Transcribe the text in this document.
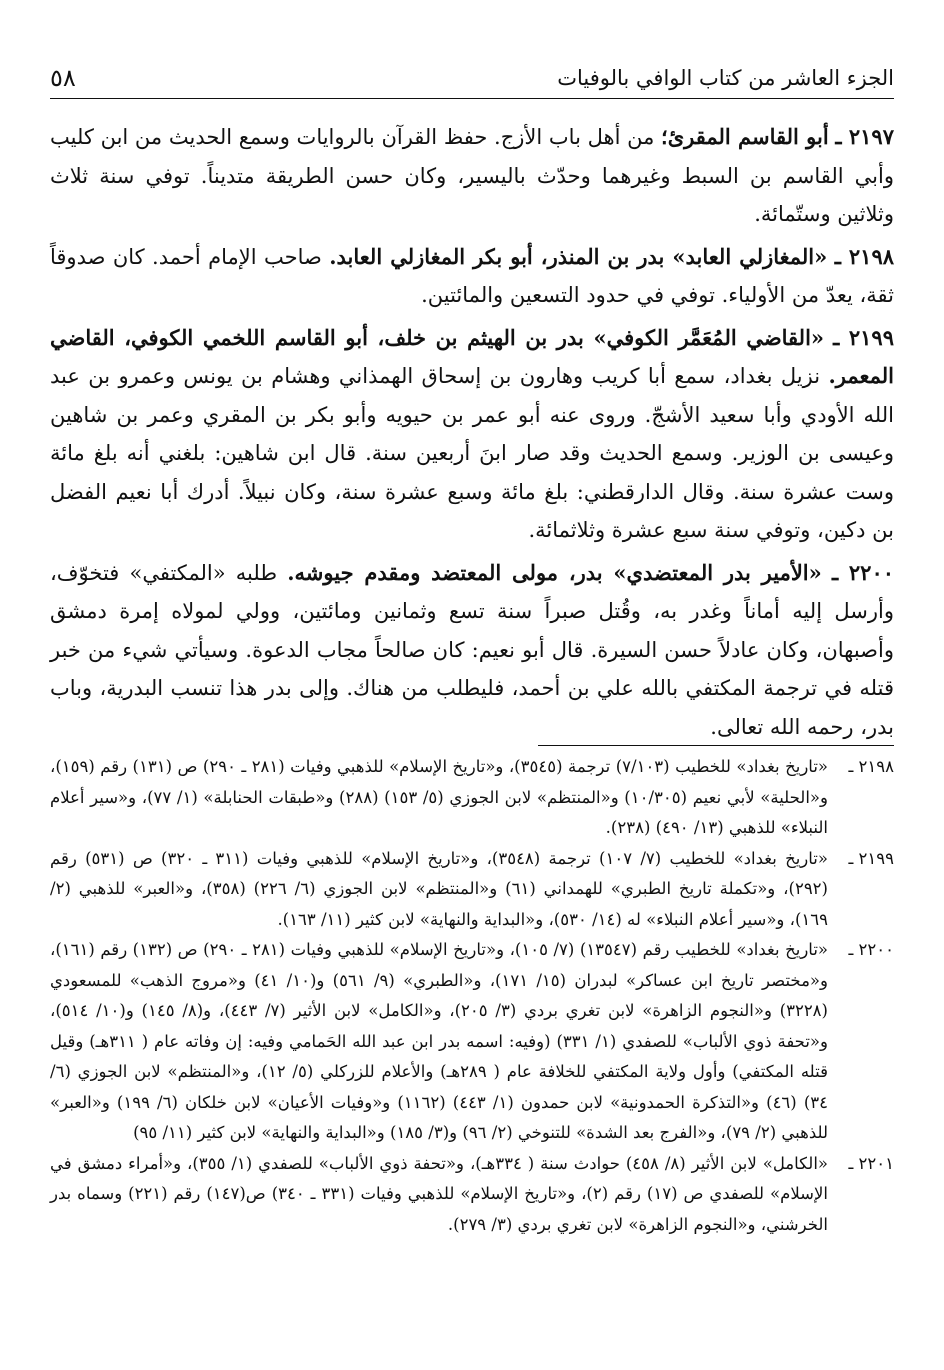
الجزء العاشر من كتاب الوافي بالوفيات
٥٨

٢١٩٧ ـ أبو القاسم المقرئ؛ من أهل باب الأزج. حفظ القرآن بالروايات وسمع الحديث من ابن كليب وأبي القاسم بن السبط وغيرهما وحدّث باليسير، وكان حسن الطريقة متديناً. توفي سنة ثلاث وثلاثين وستّمائة.

٢١٩٨ ـ «المغازلي العابد» بدر بن المنذر، أبو بكر المغازلي العابد. صاحب الإمام أحمد. كان صدوقاً ثقة، يعدّ من الأولياء. توفي في حدود التسعين والمائتين.

٢١٩٩ ـ «القاضي المُعَمَّر الكوفي» بدر بن الهيثم بن خلف، أبو القاسم اللخمي الكوفي، القاضي المعمر. نزيل بغداد، سمع أبا كريب وهارون بن إسحاق الهمذاني وهشام بن يونس وعمرو بن عبد الله الأودي وأبا سعيد الأشجّ. وروى عنه أبو عمر بن حيويه وأبو بكر بن المقري وعمر بن شاهين وعيسى بن الوزير. وسمع الحديث وقد صار ابنَ أربعين سنة. قال ابن شاهين: بلغني أنه بلغ مائة وست عشرة سنة. وقال الدارقطني: بلغ مائة وسبع عشرة سنة، وكان نبيلاً. أدرك أبا نعيم الفضل بن دكين، وتوفي سنة سبع عشرة وثلاثمائة.

٢٢٠٠ ـ «الأمير بدر المعتضدي» بدر، مولى المعتضد ومقدم جيوشه. طلبه «المكتفي» فتخوّف، وأرسل إليه أماناً وغدر به، وقُتل صبراً سنة تسع وثمانين ومائتين، وولي لمولاه إمرة دمشق وأصبهان، وكان عادلاً حسن السيرة. قال أبو نعيم: كان صالحاً مجاب الدعوة. وسيأتي شيء من خبر قتله في ترجمة المكتفي بالله علي بن أحمد، فليطلب من هناك. وإلى بدر هذا تنسب البدرية، وباب بدر، رحمه الله تعالى.

٢١٩٨ ـ
«تاريخ بغداد» للخطيب (٧/١٠٣) ترجمة (٣٥٤٥)، و«تاريخ الإسلام» للذهبي وفيات (٢٨١ ـ ٢٩٠) ص (١٣١) رقم (١٥٩)، و«الحلية» لأبي نعيم (١٠/٣٠٥) و«المنتظم» لابن الجوزي (٥/ ١٥٣) (٢٨٨) و«طبقات الحنابلة» (١/ ٧٧)، و«سير أعلام النبلاء» للذهبي (١٣/ ٤٩٠) (٢٣٨).
٢١٩٩ ـ
«تاريخ بغداد» للخطيب (٧/ ١٠٧) ترجمة (٣٥٤٨)، و«تاريخ الإسلام» للذهبي وفيات (٣١١ ـ ٣٢٠) ص (٥٣١) رقم (٢٩٢)، و«تكملة تاريخ الطبري» للهمداني (٦١) و«المنتظم» لابن الجوزي (٦/ ٢٢٦) (٣٥٨)، و«العبر» للذهبي (٢/ ١٦٩)، و«سير أعلام النبلاء» له (١٤/ ٥٣٠)، و«البداية والنهاية» لابن كثير (١١/ ١٦٣).
٢٢٠٠ ـ
«تاريخ بغداد» للخطيب رقم (١٣٥٤٧) (٧/ ١٠٥)، و«تاريخ الإسلام» للذهبي وفيات (٢٨١ ـ ٢٩٠) ص (١٣٢) رقم (١٦١)، و«مختصر تاريخ ابن عساكر» لبدران (١٥/ ١٧١)، و«الطبري» (٩/ ٥٦١) و(١٠/ ٤١) و«مروج الذهب» للمسعودي (٣٢٢٨) و«النجوم الزاهرة» لابن تغري بردي (٣/ ٢٠٥)، و«الكامل» لابن الأثير (٧/ ٤٤٣)، و(٨/ ١٤٥) و(١٠/ ٥١٤)، و«تحفة ذوي الألباب» للصفدي (١/ ٣٣١) (وفيه: اسمه بدر ابن عبد الله الحَمامي وفيه: إن وفاته عام ( ٣١١هـ) وقيل قتله المكتفي) وأول ولاية المكتفي للخلافة عام ( ٢٨٩هـ) والأعلام للزركلي (٥/ ١٢)، و«المنتظم» لابن الجوزي (٦/ ٣٤) (٤٦) و«التذكرة الحمدونية» لابن حمدون (١/ ٤٤٣) (١١٦٢) و«وفيات الأعيان» لابن خلكان (٦/ ١٩٩) و«العبر» للذهبي (٢/ ٧٩)، و«الفرج بعد الشدة» للتنوخي (٢/ ٩٦) و(٣/ ١٨٥) و«البداية والنهاية» لابن كثير (١١/ ٩٥)
٢٢٠١ ـ
«الكامل» لابن الأثير (٨/ ٤٥٨) حوادث سنة ( ٣٣٤هـ)، و«تحفة ذوي الألباب» للصفدي (١/ ٣٥٥)، و«أمراء دمشق في الإسلام» للصفدي ص (١٧) رقم (٢)، و«تاريخ الإسلام» للذهبي وفيات (٣٣١ ـ ٣٤٠) ص(١٤٧) رقم (٢٢١) وسماه بدر الخرشني، و«النجوم الزاهرة» لابن تغري بردي (٣/ ٢٧٩).
